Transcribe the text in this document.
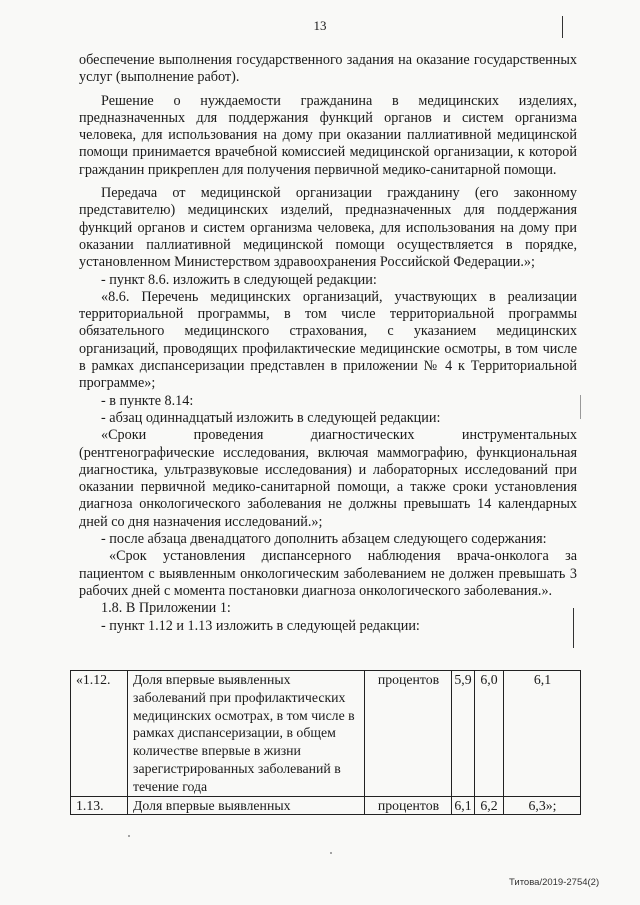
13

обеспечение выполнения государственного задания на оказание государственных услуг (выполнение работ).

Решение о нуждаемости гражданина в медицинских изделиях, предназначенных для поддержания функций органов и систем организма человека, для использования на дому при оказании паллиативной медицинской помощи принимается врачебной комиссией медицинской организации, к которой гражданин прикреплен для получения первичной медико-санитарной помощи.

Передача от медицинской организации гражданину (его законному представителю) медицинских изделий, предназначенных для поддержания функций органов и систем организма человека, для использования на дому при оказании паллиативной медицинской помощи осуществляется в порядке, установленном Министерством здравоохранения Российской Федерации.»;

- пункт 8.6. изложить в следующей редакции:

«8.6. Перечень медицинских организаций, участвующих в реализации территориальной программы, в том числе территориальной программы обязательного медицинского страхования, с указанием медицинских организаций, проводящих профилактические медицинские осмотры, в том числе в рамках диспансеризации представлен в приложении № 4 к Территориальной программе»;

- в пункте 8.14:

- абзац одиннадцатый изложить в следующей редакции:

«Сроки проведения диагностических инструментальных (рентгенографические исследования, включая маммографию, функциональная диагностика, ультразвуковые исследования) и лабораторных исследований при оказании первичной медико-санитарной помощи, а также сроки установления диагноза онкологического заболевания не должны превышать 14 календарных дней со дня назначения исследований.»;

- после абзаца двенадцатого дополнить абзацем следующего содержания:

«Срок установления диспансерного наблюдения врача-онколога за пациентом с выявленным онкологическим заболеванием не должен превышать 3 рабочих дней с момента постановки диагноза онкологического заболевания.».

1.8. В Приложении 1:

- пункт 1.12 и 1.13 изложить в следующей редакции:

«1.12.	Доля впервые выявленных заболеваний при профилактических медицинских осмотрах, в том числе в рамках диспансеризации, в общем количестве впервые в жизни зарегистрированных заболеваний в течение года	процентов	5,9	6,0	6,1
1.13.	Доля впервые выявленных	процентов	6,1	6,2	6,3»;
Титова/2019-2754(2)
